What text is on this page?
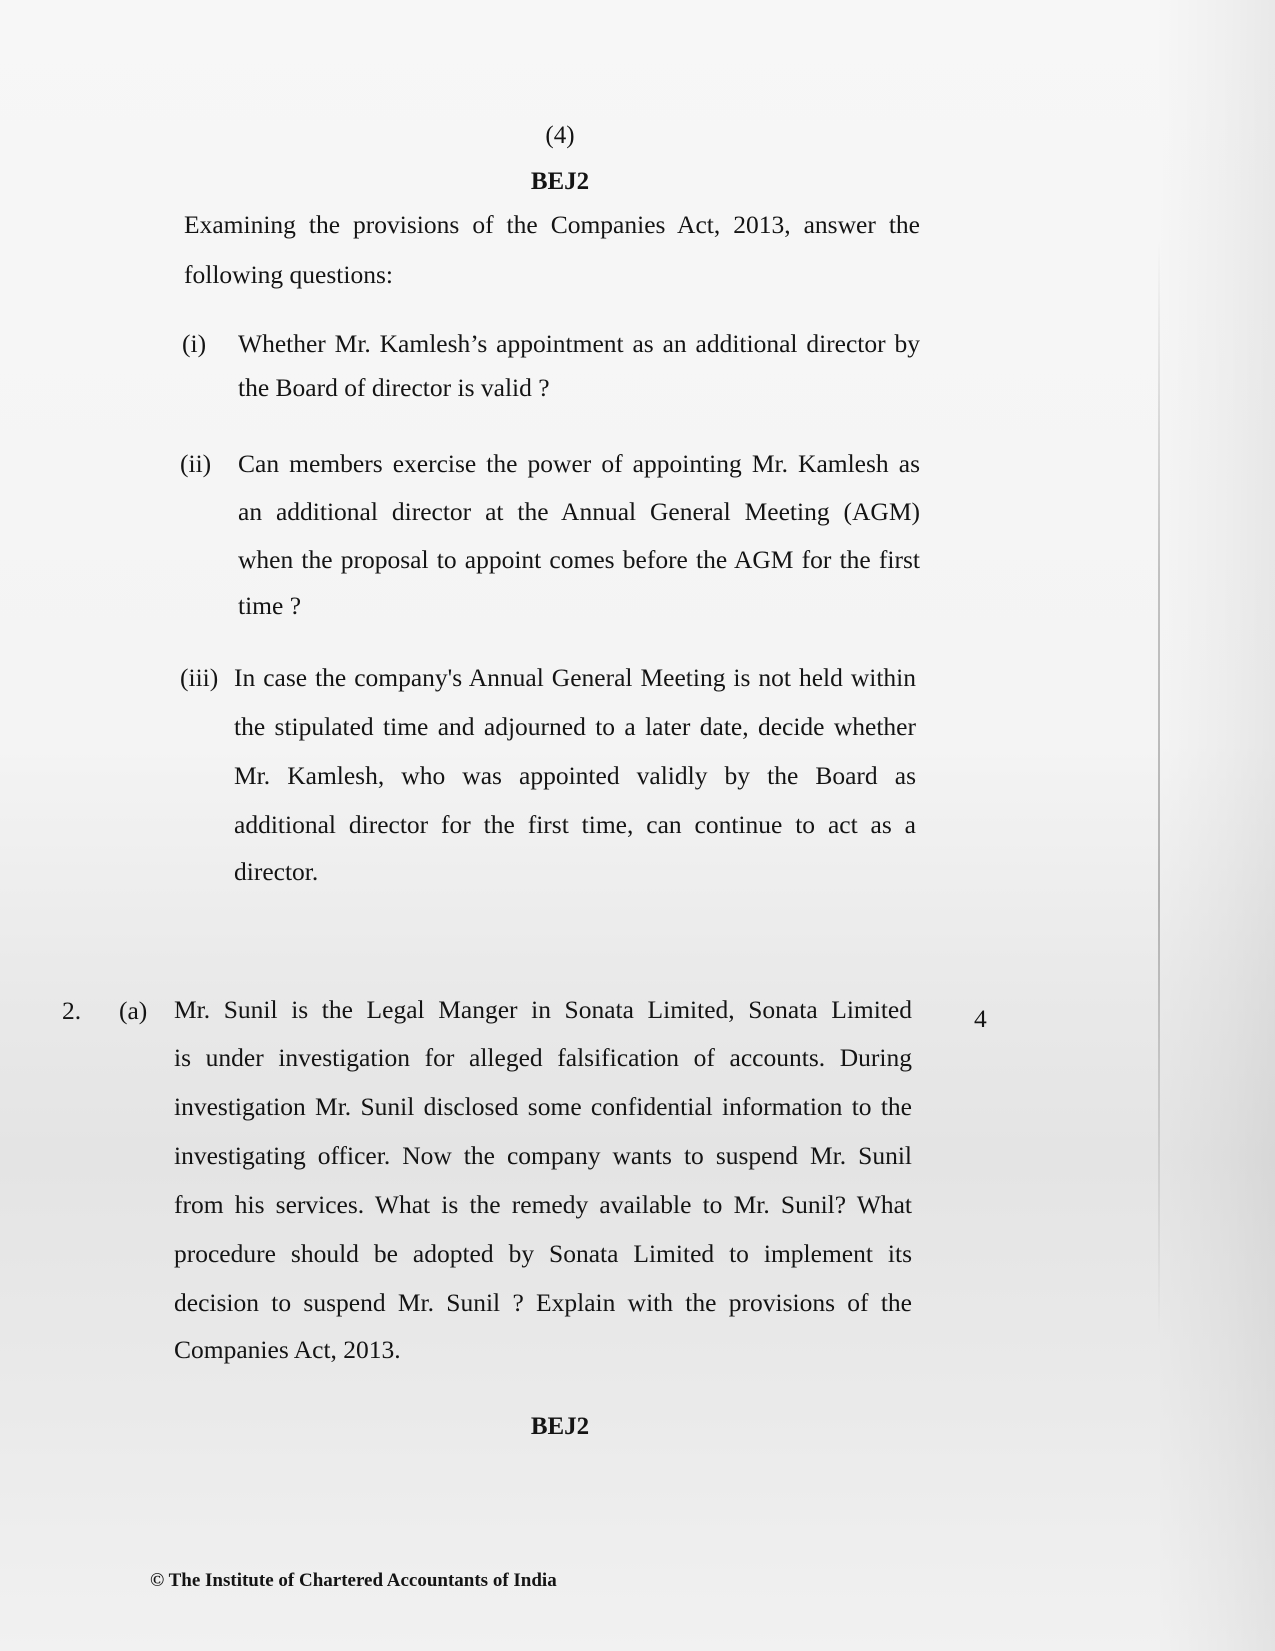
(4)
BEJ2
Examining the provisions of the Companies Act, 2013, answer the
following questions:
(i) Whether Mr. Kamlesh’s appointment as an additional director by
the Board of director is valid ?
(ii) Can members exercise the power of appointing Mr. Kamlesh as
an additional director at the Annual General Meeting (AGM)
when the proposal to appoint comes before the AGM for the first
time ?
(iii) In case the company's Annual General Meeting is not held within
the stipulated time and adjourned to a later date, decide whether
Mr. Kamlesh, who was appointed validly by the Board as
additional director for the first time, can continue to act as a
director.
2. (a)	4
Mr. Sunil is the Legal Manger in Sonata Limited, Sonata Limited
is under investigation for alleged falsification of accounts. During
investigation Mr. Sunil disclosed some confidential information to the
investigating officer. Now the company wants to suspend Mr. Sunil
from his services. What is the remedy available to Mr. Sunil? What
procedure should be adopted by Sonata Limited to implement its
decision to suspend Mr. Sunil ? Explain with the provisions of the
Companies Act, 2013.
BEJ2
© The Institute of Chartered Accountants of India
